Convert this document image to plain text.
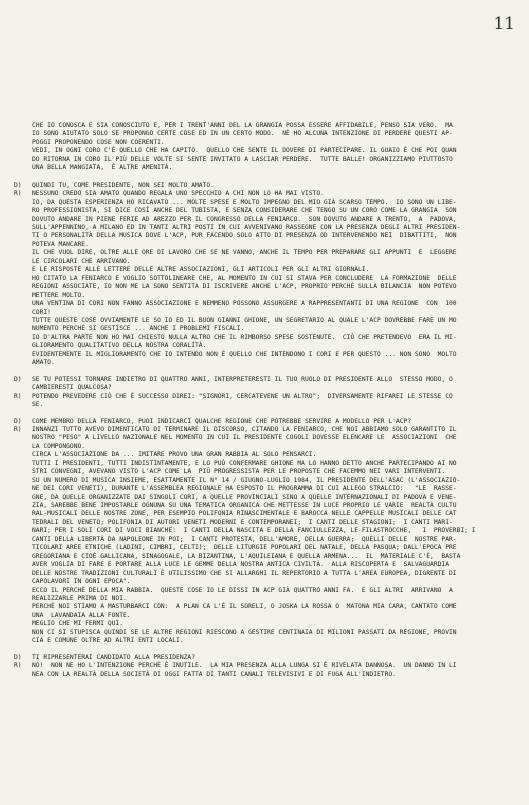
11
CHE IO CONOSCA E SIA CONOSCIUTO E, PER I TRENT'ANNI DEL LA GRANGIA POSSA ESSERE AFFIDABILE, PENSO SIA VERO.  MA
IO SONO AIUTATO SOLO SE PROPONGO CERTE COSE ED IN UN CERTO MODO.  NÈ HO ALCUNA INTENZIONE DI PERDERE QUESTI AP-
POGGI PROPONENDO COSE NON COERENTI.
VEDI, IN OGNI CORO C'È QUELLO CHE HA CAPITO.  QUELLO CHE SENTE IL DOVERE DI PARTECIPARE. IL GUAIO È CHE POI QUAN
DO RITORNA IN CORO IL PIÙ DELLE VOLTE SI SENTE INVITATO A LASCIAR PERDERE.  TUTTE BALLE! ORGANIZZIAMO PIUTTOSTO
UNA BELLA MANGIATA,  È ALTRE AMENITÀ.
D)	QUINDI TU, COME PRESIDENTE, NON SEI MOLTO AMATO.
R)	NESSUNO CREDO SIA AMATO QUANDO REGALA UNO SPECCHIO A CHI NON LO HA MAI VISTO.
IO, DA QUESTA ESPERIENZA HO RICAVATO ... MOLTE SPESE E MOLTO IMPEGNO DEL MIO GIÀ SCARSO TEMPO.  IO SONO UN LIBE-
RO PROFESSIONISTA, SI DICE COSÌ ANCHE DEL TUBISTA, E SENZA CONSIDERARE CHE TENGO SU UN CORO COME LA GRANGIA  SON
DOVUTO ANDARE IN PIENE FERIE AD AREZZO PER IL CONGRESSO DELLA FENIARCO.  SON DOVUTO ANDARE A TRENTO,  A  PADOVA,
SULL'APPENNINO, A MILANO ED IN TANTI ALTRI POSTI IN CUI AVVENIVANO RASSEGNE CON LA PRESENZA DEGLI ALTRI PRESIDEN-
TI O PERSONALITÀ DELLA MUSICA DOVE L'ACP, PUR FACENDO SOLO ATTO DI PRESENZA OD INTERVENENDO NEI  DIBATTITI,  NON
POTEVA MANCARE.
IL CHE VUOL DIRE, OLTRE ALLE ORE DI LAVORO CHE SE NE VANNO, ANCHE IL TEMPO PER PREPARARE GLI APPUNTI  E  LEGGERE
LE CIRCOLARI CHE ARRIVANO.
E LE RISPOSTE ALLE LETTERE DELLE ALTRE ASSOCIAZIONI, GLI ARTICOLI PER GLI ALTRI GIORNALI.
HO CITATO LA FENIARCO E VOGLIO SOTTOLINEARE CHE, AL MOMENTO IN CUI SI STAVA PER CONCLUDERE  LA FORMAZIONE  DELLE
REGIONI ASSOCIATE, IO NON ME LA SONO SENTITA DI ISCRIVERE ANCHE L'ACP, PROPRIO PERCHÈ SULLA BILANCIA  NON POTEVO
METTERE MOLTO.
UNA VENTINA DI CORI NON FANNO ASSOCIAZIONE E NEMMENO POSSONO ASSURGERE A RAPPRESENTANTI DI UNA REGIONE  CON  100
CORI!
TUTTE QUESTE COSE OVVIAMENTE LE SO IO ED IL BUON GIANNI GHIONE, UN SEGRETARIO AL QUALE L'ACP DOVREBBE FARE UN MO
NUMENTO PERCHÈ SI GESTISCE ... ANCHE I PROBLEMI FISCALI.
IO D'ALTRA PARTE NON HO MAI CHIESTO NULLA ALTRO CHE IL RIMBORSO SPESE SOSTENUTE.  CIÒ CHE PRETENDEVO  ERA IL MI-
GLIORAMENTO QUALITATIVO DELLA NOSTRA CORALITÀ.
EVIDENTEMENTE IL MIGLIORAMENTO CHE IO INTENDO NON È QUELLO CHE INTENDONO I CORI E PER QUESTO ... NON SONO  MOLTO
AMATO.
D)	SE TU POTESSI TORNARE INDIETRO DI QUATTRO ANNI, INTERPRETERESTI IL TUO RUOLO DI PRESIDENTE ALLO  STESSO MODO, O
CAMBIERESTI QUALCOSA?
R)	POTENDO PREVEDERE CIÒ CHE È SUCCESSO DIREI: "SIGNORI, CERCATEVENE UN ALTRO";  DIVERSAMENTE RIFAREI LE STESSE CO
SE.
D)	COME MEMBRO DELLA FENIARCO, PUOI INDICARCI QUALCHE REGIONE CHE POTREBBE SERVIRE A MODELLO PER L'ACP?
R)	INNANZI TUTTO AVEVO DIMENTICATO DI TERMINARE IL DISCORSO, CITANDO LA FENIARCO, CHE NOI ABBIAMO SOLO GARANTITO IL
NOSTRO "PESO" A LIVELLO NAZIONALE NEL MOMENTO IN CUI IL PRESIDENTE COGOLI DOVESSE ELENCARE LE  ASSOCIAZIONI  CHE
LA COMPONGONO.
CIRCA L'ASSOCIAZIONE DA ... IMITARE PROVO UNA GRAN RABBIA AL SOLO PENSARCI.
TUTTI I PRESIDENTI, TUTTI INDISTINTAMENTE, E LO PUÒ CONFERMARE GHIONE MA LO HANNO DETTO ANCHE PARTECIPANDO AI NO
STRI CONVEGNI, AVEVANO VISTO L'ACP COME LA  PIÙ PROGRESSISTA PER LE PROPOSTE CHE FACEMMO NEI VARI INTERVENTI.
SU UN NUMERO DI MUSICA INSIEME, ESATTAMENTE IL N° 14 / GIUGNO-LUGLIO 1984, IL PRESIDENTE DELL'ASAC (L'ASSOCIAZIO-
NE DEI CORI VENETI), DURANTE L'ASSEMBLEA REGIONALE HA ESPOSTO IL PROGRAMMA DI CUI ALLEGO STRALCIO:   "LE  RASSE-
GNE, DA QUELLE ORGANIZZATE DAI SINGOLI CORI, A QUELLE PROVINCIALI SINO A QUELLE INTERNAZIONALI DI PADOVA E VENE-
ZIA, SAREBBE BENE IMPOSTARLE OGNUNA SU UNA TEMATICA ORGANICA CHE METTESSE IN LUCE PROPRIO LE VARIE  REALTÀ CULTU
RAL-MUSICALI DELLE NOSTRE ZONE, PER ESEMPIO POLIFONIA RINASCIMENTALE E BAROCCA NELLE CAPPELLE MUSICALI DELLE CAT
TEDRALI DEL VENETO; POLIFONIA DI AUTORI VENETI MODERNI E CONTEMPORANEI;  I CANTI DELLE STAGIONI;  I CANTI MARI-
NARI; PER I SOLI CORI DI VOCI BIANCHE:  I CANTI DELLA NASCITA E DELLA FANCIULLEZZA, LE FILASTROCCHE,   I  PROVERBI; I
CANTI DELLA LIBERTÀ DA NAPOLEONE IN POI;  I CANTI PROTESTA, DELL'AMORE, DELLA GUERRA;  QUELLI DELLE  NOSTRE PAR-
TICOLARI AREE ETNICHE (LADINI, CIMBRI, CELTI);  DELLE LITURGIE POPOLARI DEL NATALE, DELLA PASQUA; DALL'EPOCA PRE
GREGORIANA E CIOÈ GALLICANA, SINAGOGALE, LA BIZANTINA, L'AQUILEIANA E QUELLA ARMENA...  IL  MATERIALE C'È,  BASTA
AVER VOGLIA DI FARE E PORTARE ALLA LUCE LE GEMME DELLA NOSTRA ANTICA CIVILTÀ.  ALLA RISCOPERTA E  SALVAGUARDIA
DELLE NOSTRE TRADIZIONI CULTURALI È UTILISSIMO CHE SI ALLARGHI IL REPERTORIO A TUTTA L'AREA EUROPEA, DIGRENTE DI
CAPOLAVORI IN OGNI EPOCA".
ECCO IL PERCHÈ DELLA MIA RABBIA.  QUESTE COSE IO LE DISSI IN ACP GIÀ QUATTRO ANNI FA.  E GLI ALTRI  ARRIVANO  A
REALIZZARLE PRIMA DI NOI.
PERCHÈ NOI STIAMO A MASTURBARCI CON:  A PLAN CA L'È IL SORELI, O JOSKA LA ROSSA O  MATONA MIA CARA, CANTATO COME
UNA  LAVANDAIA ALLA FONTE.
MEGLIO CHE MI FERMI QUI.
NON CI SI STUPISCA QUINDI SE LE ALTRE REGIONI RIESCONO A GESTIRE CENTINAIA DI MILIONI PASSATI DA REGIONE, PROVIN
CIA E COMUNE OLTRE AD ALTRI ENTI LOCALI.
D)	TI RIPRESENTERAI CANDIDATO ALLA PRESIDENZA?
R)	NO!  NON NE HO L'INTENZIONE PERCHÈ È INUTILE.  LA MIA PRESENZA ALLA LUNGA SI È RIVELATA DANNOSA.  UN DANNO IN LI
NEA CON LA REALTÀ DELLA SOCIETÀ DI OGGI FATTA DI TANTI CANALI TELEVISIVI E DI FUGA ALL'INDIETRO.
